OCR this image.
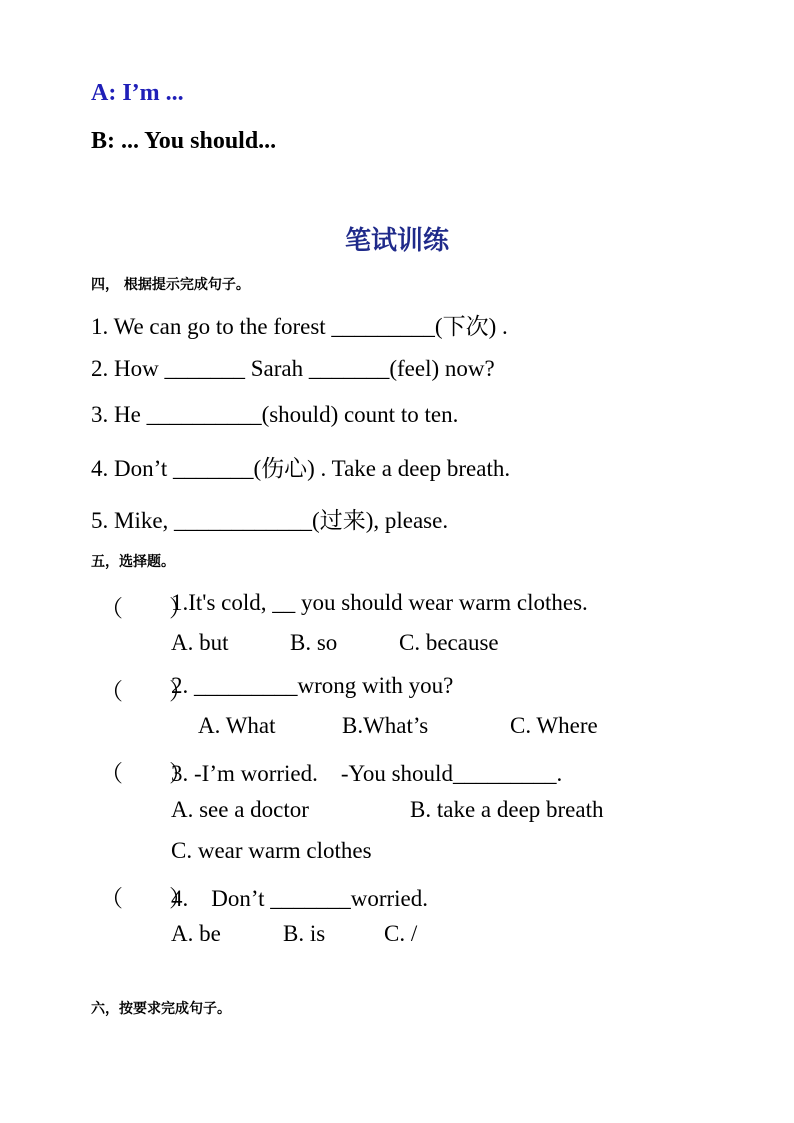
A: I’m ...
B: ... You should...
笔试训练
四， 根据提示完成句子。
1. We can go to the forest _________(下次) .
2. How _______ Sarah _______(feel) now?
3. He __________(should) count to ten.
4. Don’t _______(伤心) . Take a deep breath.
5. Mike, ____________(过来), please.
五，选择题。
（　　）
1.It's cold, __ you should wear warm clothes.
A. but	B. so	C. because
（　　）
2. _________wrong with you?
A. What	B.What’s	C. Where
（　　）
3. -I’m worried.　-You should_________.
A. see a doctor	B. take a deep breath
C. wear warm clothes
（　　）
4.　Don’t _______worried.
A. be	B. is	C. /
六，按要求完成句子。
